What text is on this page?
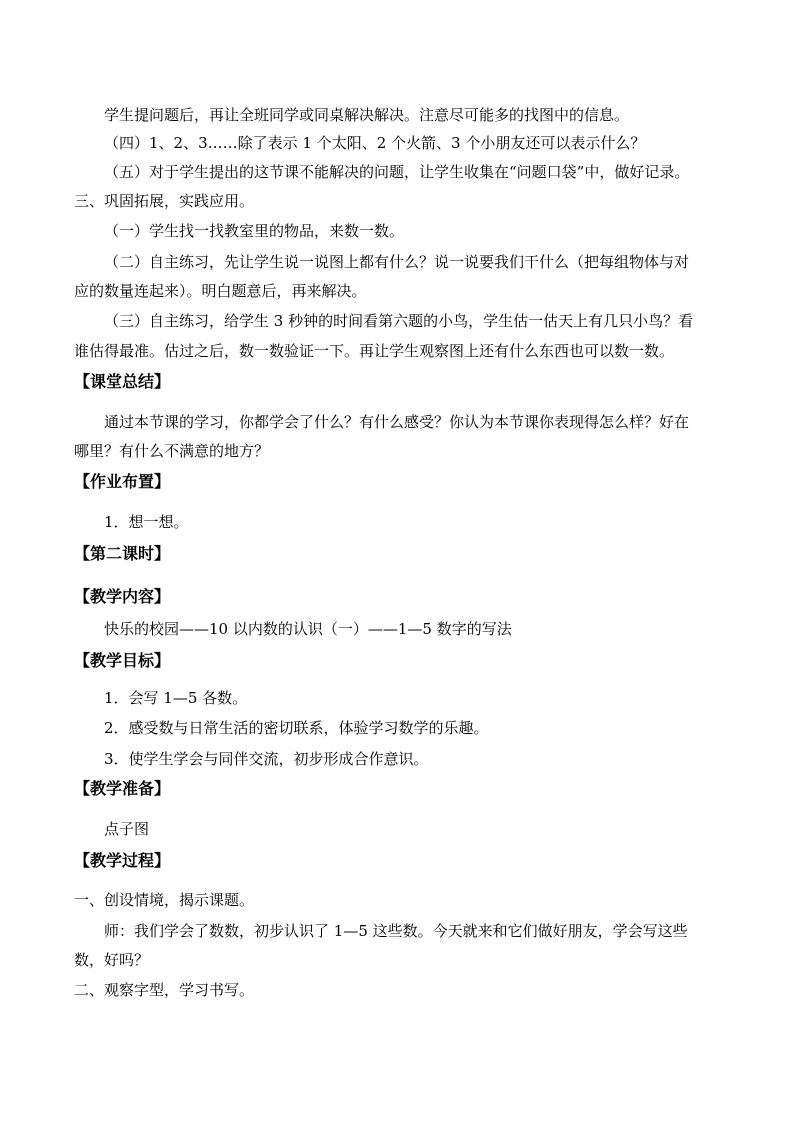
学生提问题后，再让全班同学或同桌解决解决。注意尽可能多的找图中的信息。
（四）1、2、3……除了表示 1 个太阳、2 个火箭、3 个小朋友还可以表示什么？
（五）对于学生提出的这节课不能解决的问题，让学生收集在“问题口袋”中，做好记录。
三、巩固拓展，实践应用。
（一）学生找一找教室里的物品，来数一数。
（二）自主练习，先让学生说一说图上都有什么？说一说要我们干什么（把每组物体与对
应的数量连起来）。明白题意后，再来解决。
（三）自主练习，给学生 3 秒钟的时间看第六题的小鸟，学生估一估天上有几只小鸟？看
谁估得最准。估过之后，数一数验证一下。再让学生观察图上还有什么东西也可以数一数。
【课堂总结】
通过本节课的学习，你都学会了什么？有什么感受？你认为本节课你表现得怎么样？好在
哪里？有什么不满意的地方？
【作业布置】
1．想一想。
【第二课时】
【教学内容】
快乐的校园——10 以内数的认识（一）——1—5 数字的写法
【教学目标】
1．会写 1—5 各数。
2．感受数与日常生活的密切联系，体验学习数学的乐趣。
3．使学生学会与同伴交流，初步形成合作意识。
【教学准备】
点子图
【教学过程】
一、创设情境，揭示课题。
师：我们学会了数数，初步认识了 1—5 这些数。今天就来和它们做好朋友，学会写这些
数，好吗？
二、观察字型，学习书写。
